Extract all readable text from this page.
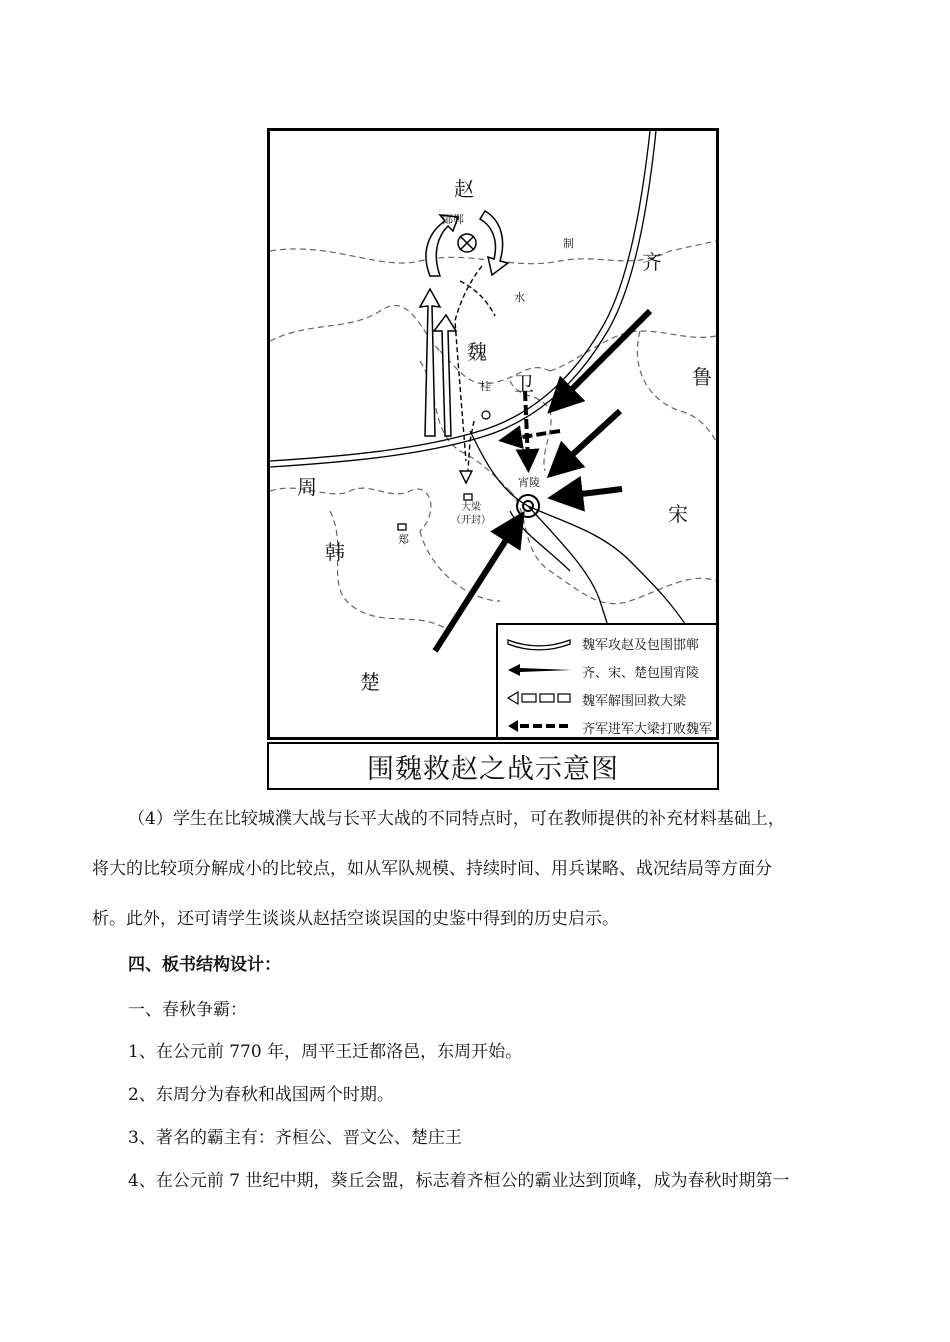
赵
齐
魏
卫	鲁
周
宋
韩
楚
邯郸
制
水
桂
宵陵
大梁
（开封）
郑
魏军攻赵及包围邯郸
齐、宋、楚包围宵陵
魏军解围回救大梁
齐军进军大梁打败魏军
围魏救赵之战示意图
（4）学生在比较城濮大战与长平大战的不同特点时，可在教师提供的补充材料基础上，
将大的比较项分解成小的比较点，如从军队规模、持续时间、用兵谋略、战况结局等方面分
析。此外，还可请学生谈谈从赵括空谈误国的史鉴中得到的历史启示。
四、板书结构设计：
一、春秋争霸：
1、在公元前 770 年，周平王迁都洛邑，东周开始。
2、东周分为春秋和战国两个时期。
3、著名的霸主有：齐桓公、晋文公、楚庄王
4、在公元前 7 世纪中期，葵丘会盟，标志着齐桓公的霸业达到顶峰，成为春秋时期第一
